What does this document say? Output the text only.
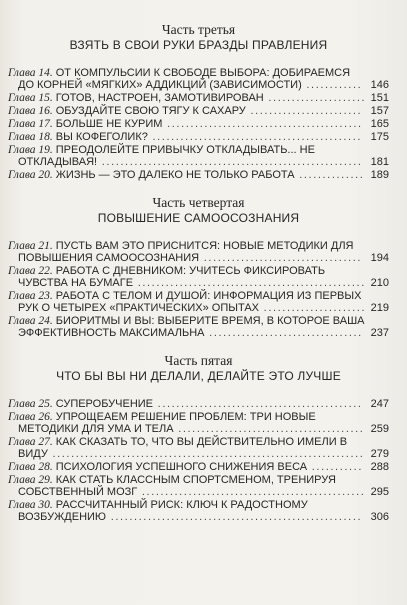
Часть третья
ВЗЯТЬ В СВОИ РУКИ БРАЗДЫ ПРАВЛЕНИЯ
Глава 14. ОТ КОМПУЛЬСИИ К СВОБОДЕ ВЫБОРА: ДОБИРАЕМСЯ ДО КОРНЕЙ «МЯГКИХ» АДДИКЦИЙ (ЗАВИСИМОСТИ) ............ 146
Глава 15. ГОТОВ, НАСТРОЕН, ЗАМОТИВИРОВАН ..................... 151
Глава 16. ОБУЗДАЙТЕ СВОЮ ТЯГУ К САХАРУ ........................ 157
Глава 17. БОЛЬШЕ НЕ КУРИМ .......................................... 165
Глава 18. ВЫ КОФЕГОЛИК? ............................................. 175
Глава 19. ПРЕОДОЛЕЙТЕ ПРИВЫЧКУ ОТКЛАДЫВАТЬ... НЕ ОТКЛАДЫВАЯ! ........................................................ 181
Глава 20. ЖИЗНЬ — ЭТО ДАЛЕКО НЕ ТОЛЬКО РАБОТА .............. 189
Часть четвертая
ПОВЫШЕНИЕ САМООСОЗНАНИЯ
Глава 21. ПУСТЬ ВАМ ЭТО ПРИСНИТСЯ: НОВЫЕ МЕТОДИКИ ДЛЯ ПОВЫШЕНИЯ САМООСОЗНАНИЯ .................................. 194
Глава 22. РАБОТА С ДНЕВНИКОМ: УЧИТЕСЬ ФИКСИРОВАТЬ ЧУВСТВА НА БУМАГЕ ................................................. 210
Глава 23. РАБОТА С ТЕЛОМ И ДУШОЙ: ИНФОРМАЦИЯ ИЗ ПЕРВЫХ РУК О ЧЕТЫРЕХ «ПРАКТИЧЕСКИХ» ОПЫТАХ ...................... 219
Глава 24. БИОРИТМЫ И ВЫ: ВЫБЕРИТЕ ВРЕМЯ, В КОТОРОЕ ВАША ЭФФЕКТИВНОСТЬ МАКСИМАЛЬНА ................................. 237
Часть пятая
ЧТО БЫ ВЫ НИ ДЕЛАЛИ, ДЕЛАЙТЕ ЭТО ЛУЧШЕ
Глава 25. СУПЕРОБУЧЕНИЕ ............................................ 247
Глава 26. УПРОЩЕАЕМ РЕШЕНИЕ ПРОБЛЕМ: ТРИ НОВЫЕ МЕТОДИКИ ДЛЯ УМА И ТЕЛА ........................................ 259
Глава 27. КАК СКАЗАТЬ ТО, ЧТО ВЫ ДЕЙСТВИТЕЛЬНО ИМЕЛИ В ВИДУ ................................................................... 279
Глава 28. ПСИХОЛОГИЯ УСПЕШНОГО СНИЖЕНИЯ ВЕСА ........... 288
Глава 29. КАК СТАТЬ КЛАССНЫМ СПОРТСМЕНОМ, ТРЕНИРУЯ СОБСТВЕННЫЙ МОЗГ ................................................ 295
Глава 30. РАССЧИТАННЫЙ РИСК: КЛЮЧ К РАДОСТНОМУ ВОЗБУЖДЕНИЮ ...................................................... 306
